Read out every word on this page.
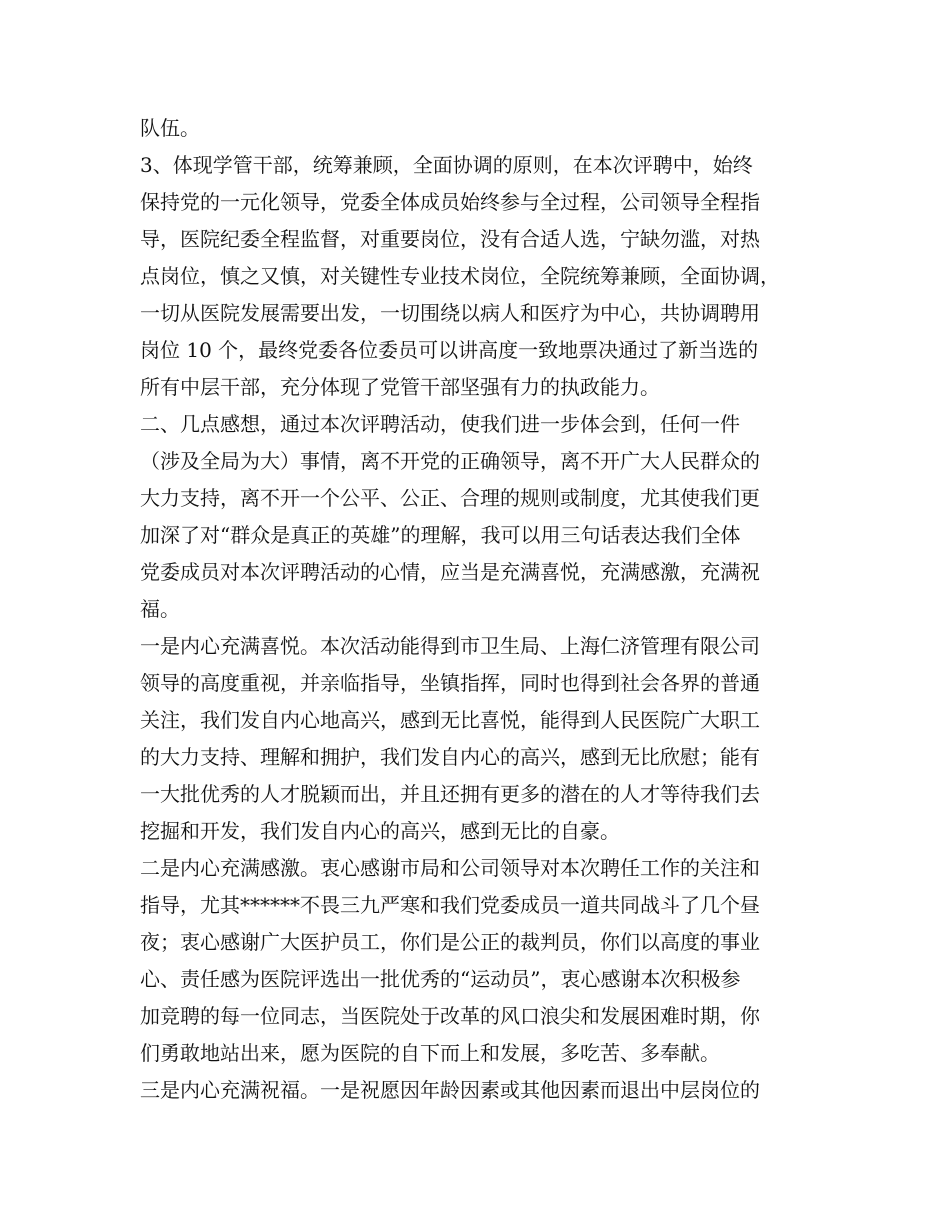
队伍。
3、体现学管干部，统筹兼顾，全面协调的原则，在本次评聘中，始终
保持党的一元化领导，党委全体成员始终参与全过程，公司领导全程指
导，医院纪委全程监督，对重要岗位，没有合适人选，宁缺勿滥，对热
点岗位，慎之又慎，对关键性专业技术岗位，全院统筹兼顾，全面协调，
一切从医院发展需要出发，一切围绕以病人和医疗为中心，共协调聘用
岗位 10 个，最终党委各位委员可以讲高度一致地票决通过了新当选的
所有中层干部，充分体现了党管干部坚强有力的执政能力。
二、几点感想，通过本次评聘活动，使我们进一步体会到，任何一件
（涉及全局为大）事情，离不开党的正确领导，离不开广大人民群众的
大力支持，离不开一个公平、公正、合理的规则或制度，尤其使我们更
加深了对“群众是真正的英雄”的理解，我可以用三句话表达我们全体
党委成员对本次评聘活动的心情，应当是充满喜悦，充满感激，充满祝
福。
一是内心充满喜悦。本次活动能得到市卫生局、上海仁济管理有限公司
领导的高度重视，并亲临指导，坐镇指挥，同时也得到社会各界的普通
关注，我们发自内心地高兴，感到无比喜悦，能得到人民医院广大职工
的大力支持、理解和拥护，我们发自内心的高兴，感到无比欣慰；能有
一大批优秀的人才脱颖而出，并且还拥有更多的潜在的人才等待我们去
挖掘和开发，我们发自内心的高兴，感到无比的自豪。
二是内心充满感激。衷心感谢市局和公司领导对本次聘任工作的关注和
指导，尤其******不畏三九严寒和我们党委成员一道共同战斗了几个昼
夜；衷心感谢广大医护员工，你们是公正的裁判员，你们以高度的事业
心、责任感为医院评选出一批优秀的“运动员”，衷心感谢本次积极参
加竞聘的每一位同志，当医院处于改革的风口浪尖和发展困难时期，你
们勇敢地站出来，愿为医院的自下而上和发展，多吃苦、多奉献。
三是内心充满祝福。一是祝愿因年龄因素或其他因素而退出中层岗位的
